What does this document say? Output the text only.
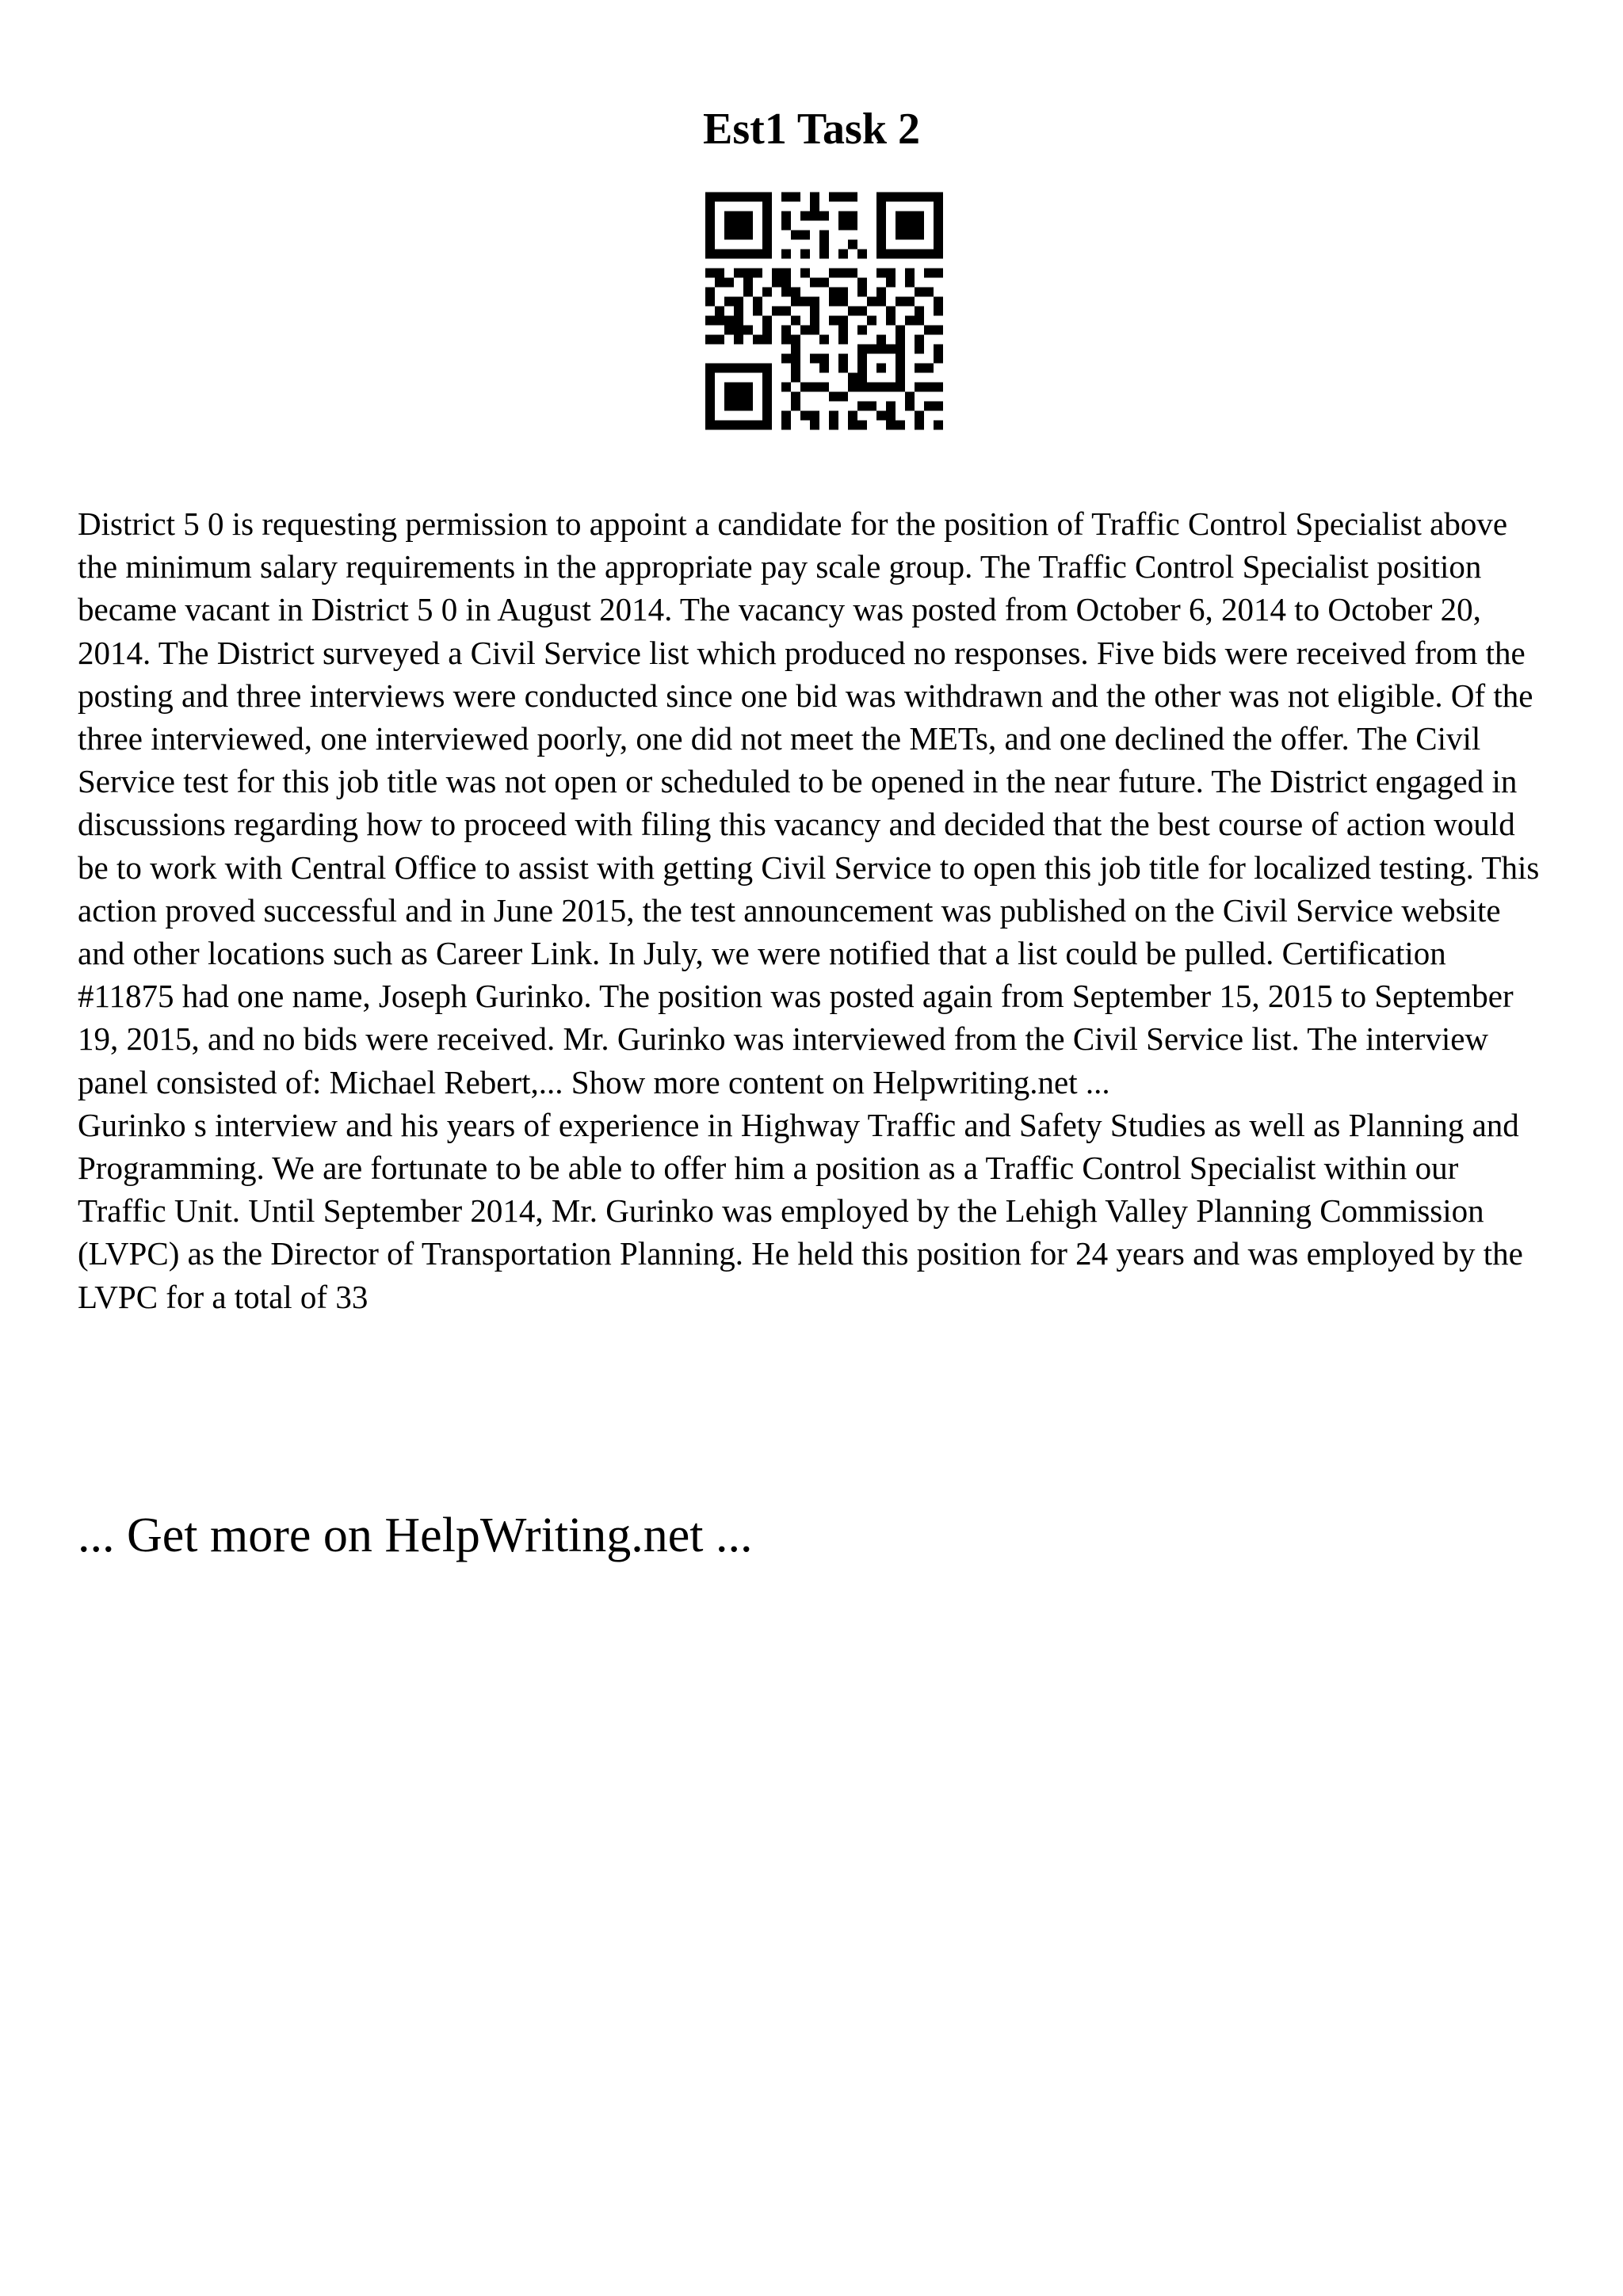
Est1 Task 2

District 5 0 is requesting permission to appoint a candidate for the position of Traffic Control Specialist above the minimum salary requirements in the appropriate pay scale group. The Traffic Control Specialist position became vacant in District 5 0 in August 2014. The vacancy was posted from October 6, 2014 to October 20, 2014. The District surveyed a Civil Service list which produced no responses. Five bids were received from the posting and three interviews were conducted since one bid was withdrawn and the other was not eligible. Of the three interviewed, one interviewed poorly, one did not meet the METs, and one declined the offer. The Civil Service test for this job title was not open or scheduled to be opened in the near future. The District engaged in discussions regarding how to proceed with filing this vacancy and decided that the best course of action would be to work with Central Office to assist with getting Civil Service to open this job title for localized testing. This action proved successful and in June 2015, the test announcement was published on the Civil Service website and other locations such as Career Link. In July, we were notified that a list could be pulled. Certification #11875 had one name, Joseph Gurinko. The position was posted again from September 15, 2015 to September 19, 2015, and no bids were received. Mr. Gurinko was interviewed from the Civil Service list. The interview panel consisted of: Michael Rebert,... Show more content on Helpwriting.net ...

Gurinko s interview and his years of experience in Highway Traffic and Safety Studies as well as Planning and Programming. We are fortunate to be able to offer him a position as a Traffic Control Specialist within our Traffic Unit. Until September 2014, Mr. Gurinko was employed by the Lehigh Valley Planning Commission (LVPC) as the Director of Transportation Planning. He held this position for 24 years and was employed by the LVPC for a total of 33

... Get more on HelpWriting.net ...
